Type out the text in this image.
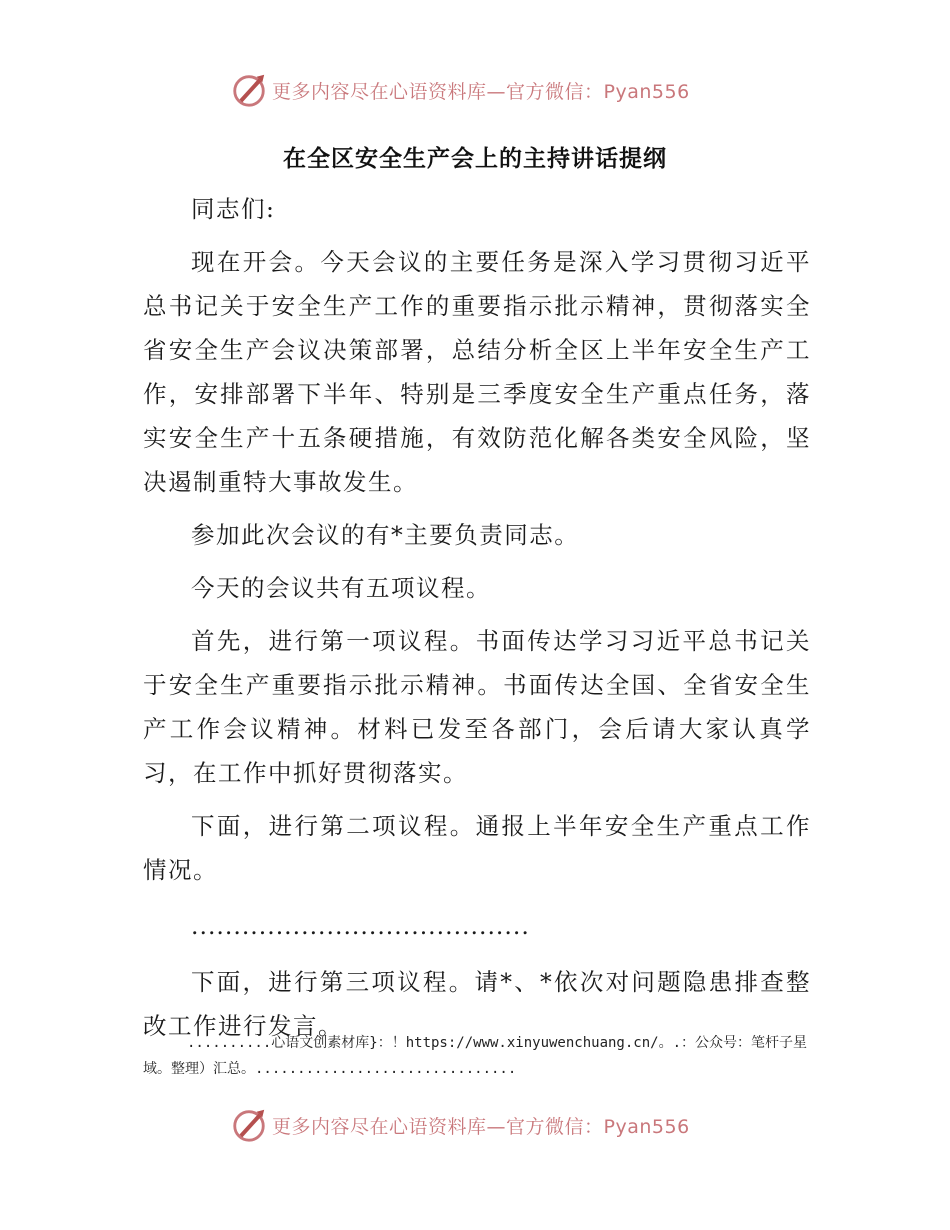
更多内容尽在心语资料库—官方微信：Pyan556
在全区安全生产会上的主持讲话提纲

同志们:

现在开会。今天会议的主要任务是深入学习贯彻习近平总书记关于安全生产工作的重要指示批示精神，贯彻落实全省安全生产会议决策部署，总结分析全区上半年安全生产工作，安排部署下半年、特别是三季度安全生产重点任务，落实安全生产十五条硬措施，有效防范化解各类安全风险，坚决遏制重特大事故发生。

参加此次会议的有*主要负责同志。

今天的会议共有五项议程。

首先，进行第一项议程。书面传达学习习近平总书记关于安全生产重要指示批示精神。书面传达全国、全省安全生产工作会议精神。材料已发至各部门，会后请大家认真学习，在工作中抓好贯彻落实。

下面，进行第二项议程。通报上半年安全生产重点工作情况。

........................................

下面，进行第三项议程。请*、*依次对问题隐患排查整改工作进行发言。

..........心语文创素材库}：！https://www.xinyuwenchuang.cn/。.：公众号：笔杆子星域。整理）汇总。...............................
更多内容尽在心语资料库—官方微信：Pyan556
